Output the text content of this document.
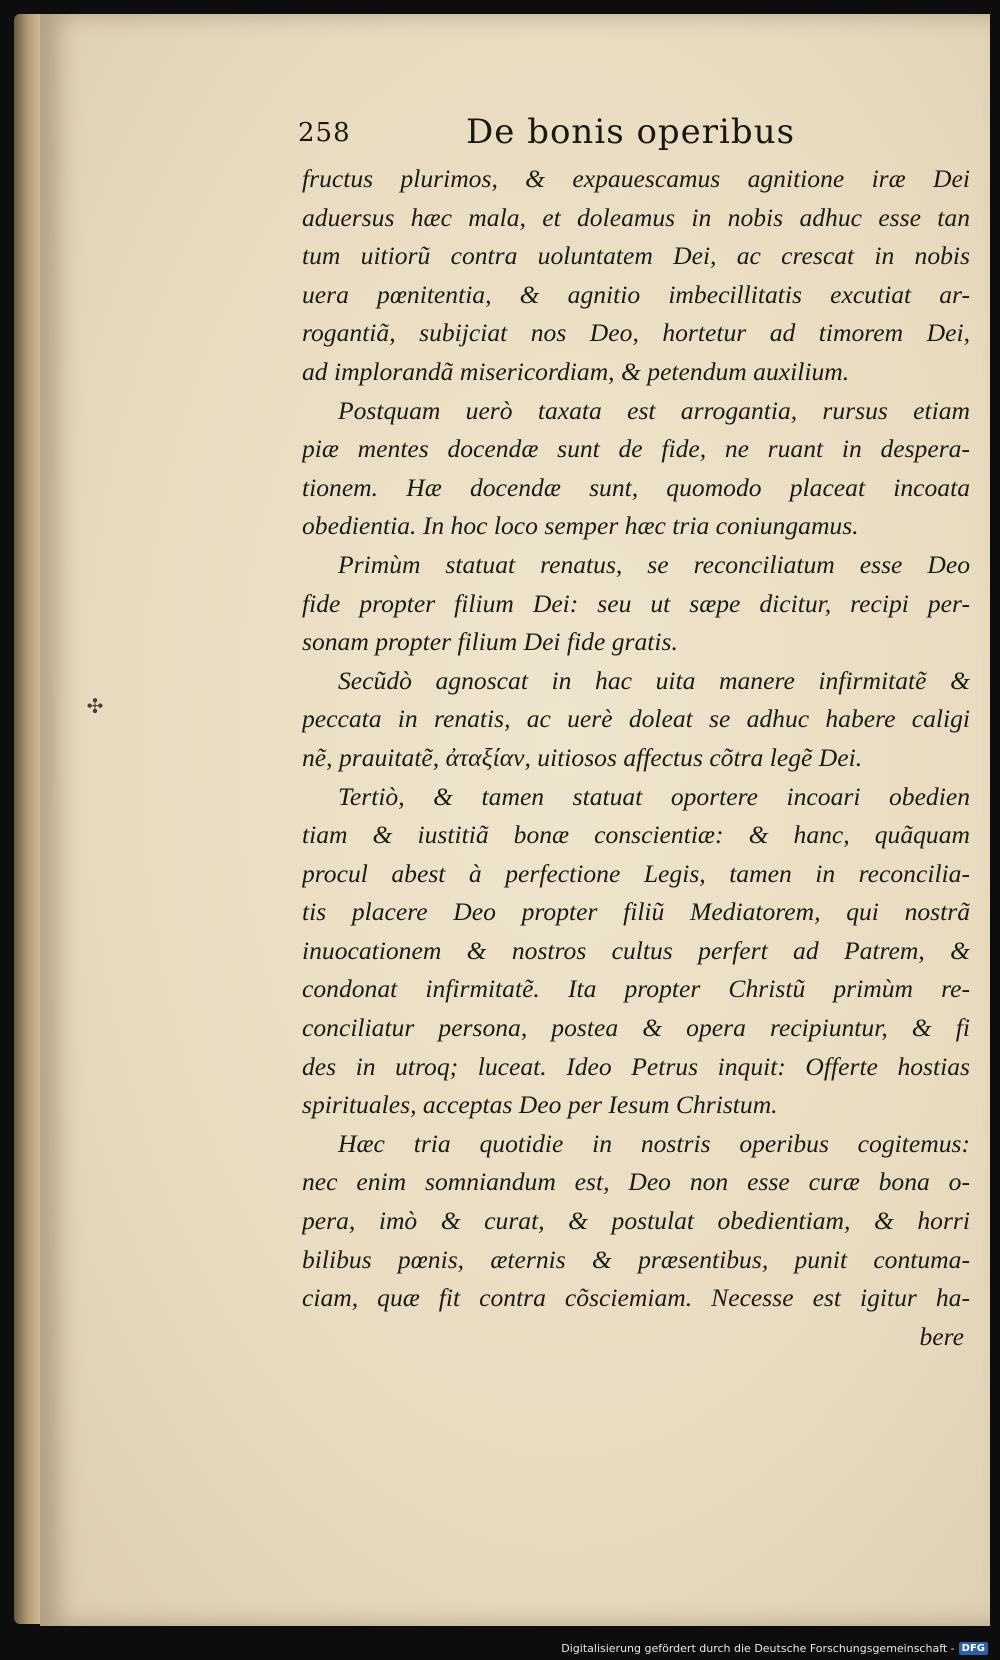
258	De bonis operibus
✣
fructus plurimos, & expauescamus agnitione iræ Dei
aduersus hæc mala, et doleamus in nobis adhuc esse tan
tum uitiorũ contra uoluntatem Dei, ac crescat in nobis
uera pœnitentia, & agnitio imbecillitatis excutiat ar-
rogantiã, subijciat nos Deo, hortetur ad timorem Dei,
ad implorandã misericordiam, & petendum auxilium.
Postquam uerò taxata est arrogantia, rursus etiam
piæ mentes docendæ sunt de fide, ne ruant in despera-
tionem. Hæ docendæ sunt, quomodo placeat incoata
obedientia. In hoc loco semper hæc tria coniungamus.
Primùm statuat renatus, se reconciliatum esse Deo
fide propter filium Dei: seu ut sæpe dicitur, recipi per-
sonam propter filium Dei fide gratis.
Secũdò agnoscat in hac uita manere infirmitatẽ &
peccata in renatis, ac uerè doleat se adhuc habere caligi
nẽ, prauitatẽ, ἀταξίαν, uitiosos affectus cõtra legẽ Dei.
Tertiò, & tamen statuat oportere incoari obedien
tiam & iustitiã bonæ conscientiæ: & hanc, quãquam
procul abest à perfectione Legis, tamen in reconcilia-
tis placere Deo propter filiũ Mediatorem, qui nostrã
inuocationem & nostros cultus perfert ad Patrem, &
condonat infirmitatẽ. Ita propter Christũ primùm re-
conciliatur persona, postea & opera recipiuntur, & fi
des in utroq; luceat. Ideo Petrus inquit: Offerte hostias
spirituales, acceptas Deo per Iesum Christum.
Hæc tria quotidie in nostris operibus cogitemus:
nec enim somniandum est, Deo non esse curæ bona o-
pera, imò & curat, & postulat obedientiam, & horri
bilibus pœnis, æternis & præsentibus, punit contuma-
ciam, quæ fit contra cõsciemiam. Necesse est igitur ha-
bere
Digitalisierung gefördert durch die Deutsche Forschungsgemeinschaft - DFG
